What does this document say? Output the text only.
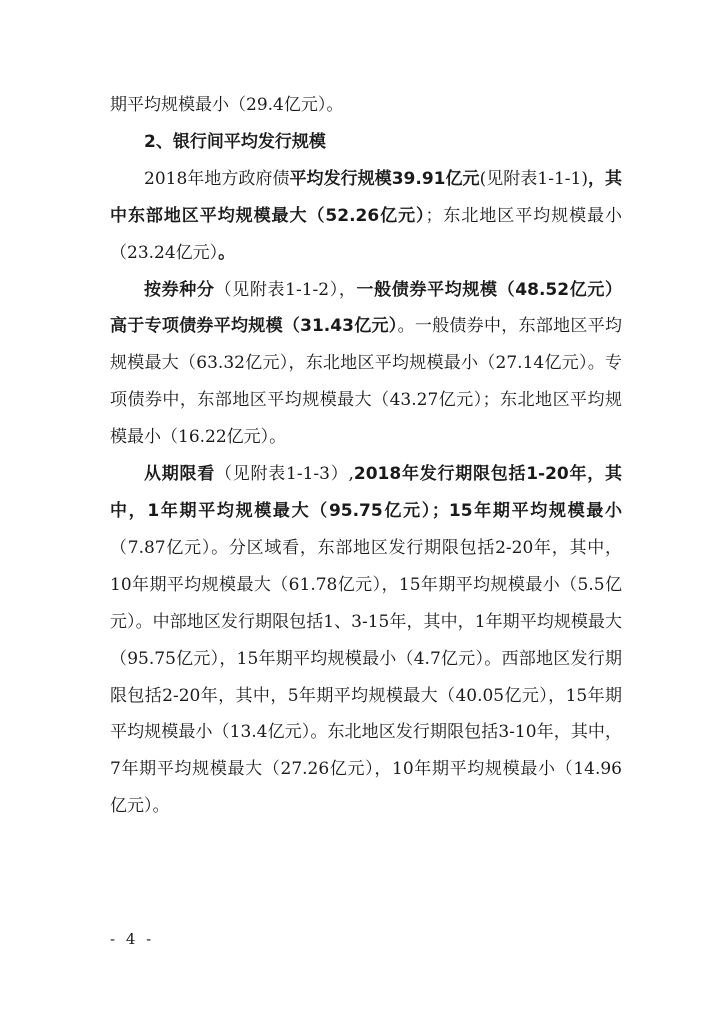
期平均规模最小（29.4亿元）。

2、银行间平均发行规模

2018年地方政府债平均发行规模39.91亿元(见附表1-1-1)，其中东部地区平均规模最大（52.26亿元）；东北地区平均规模最小（23.24亿元）。

按券种分（见附表1-1-2），一般债券平均规模（48.52亿元）高于专项债券平均规模（31.43亿元）。一般债券中，东部地区平均规模最大（63.32亿元），东北地区平均规模最小（27.14亿元）。专项债券中，东部地区平均规模最大（43.27亿元）；东北地区平均规模最小（16.22亿元）。

从期限看（见附表1-1-3）,2018年发行期限包括1-20年，其中，1年期平均规模最大（95.75亿元）；15年期平均规模最小（7.87亿元）。分区域看，东部地区发行期限包括2-20年，其中，10年期平均规模最大（61.78亿元），15年期平均规模最小（5.5亿元）。中部地区发行期限包括1、3-15年，其中，1年期平均规模最大（95.75亿元），15年期平均规模最小（4.7亿元）。西部地区发行期限包括2-20年，其中，5年期平均规模最大（40.05亿元），15年期平均规模最小（13.4亿元）。东北地区发行期限包括3-10年，其中，7年期平均规模最大（27.26亿元），10年期平均规模最小（14.96亿元）。

- 4 -
